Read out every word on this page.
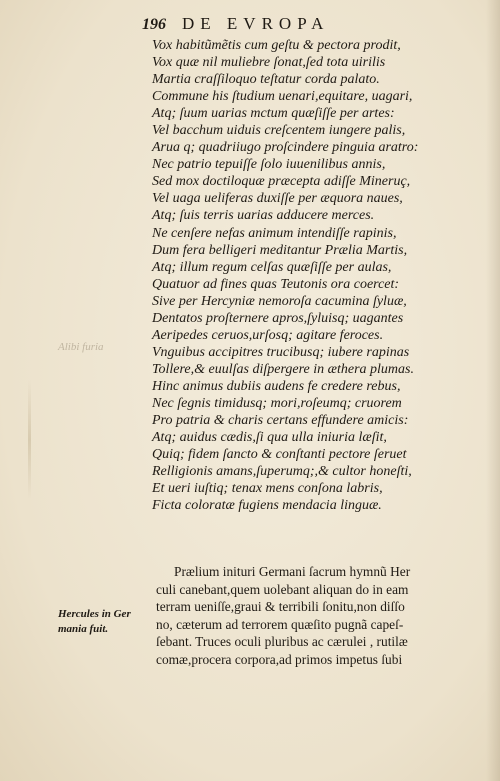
196 DE EVROPA
Vox habitũmẽtis cum geſtu & pectora prodit,
Vox quæ nil muliebre ſonat,ſed tota uirilis
Martia craſſiloquo teſtatur corda palato.
Commune his ſtudium uenari,equitare, uagari,
Atq; ſuum uarias mctum quæſiſſe per artes:
Vel bacchum uiduis creſcentem iungere palis,
Arua q; quadriiugo proſcindere pinguia aratro:
Nec patrio tepuiſſe ſolo iuuenilibus annis,
Sed mox doctiloquæ præcepta adiſſe Mineruç,
Vel uaga ueliferas duxiſſe per æquora naues,
Atq; ſuis terris uarias adducere merces.
Ne cenſere nefas animum intendiſſe rapinis,
Dum fera belligeri meditantur Prælia Martis,
Atq; illum regum celſas quæſiſſe per aulas,
Quatuor ad fines quas Teutonis ora coercet:
Sive per Hercyniæ nemoroſa cacumina ſyluæ,
Dentatos proſternere apros,ſyluisq; uagantes
Aeripedes ceruos,urſosq; agitare feroces.
Vnguibus accipitres trucibusq; iubere rapinas
Tollere,& euulſas diſpergere in æthera plumas.
Hinc animus dubiis audens fe credere rebus,
Nec ſegnis timidusq; mori,roſeumq; cruorem
Pro patria & charis certans effundere amicis:
Atq; auidus cædis,ſi qua ulla iniuria læſit,
Quiq; fidem ſancto & conſtanti pectore ſeruet
Relligionis amans,ſuperumq;,& cultor honeſti,
Et ueri iuſtiq; tenax mens conſona labris,
Ficta coloratæ fugiens mendacia linguæ.
Alibi furia
Prælium inituri Germani ſacrum hymnũ Her
culi canebant,quem uolebant aliquan do in eam
terram ueniſſe,graui & terribili ſonitu,non diſſo
no, cæterum ad terrorem quæſito pugnã capeſ-
ſebant. Truces oculi pluribus ac cærulei , rutilæ
comæ,procera corpora,ad primos impetus ſubi
Hercules in Ger
mania fuit.
